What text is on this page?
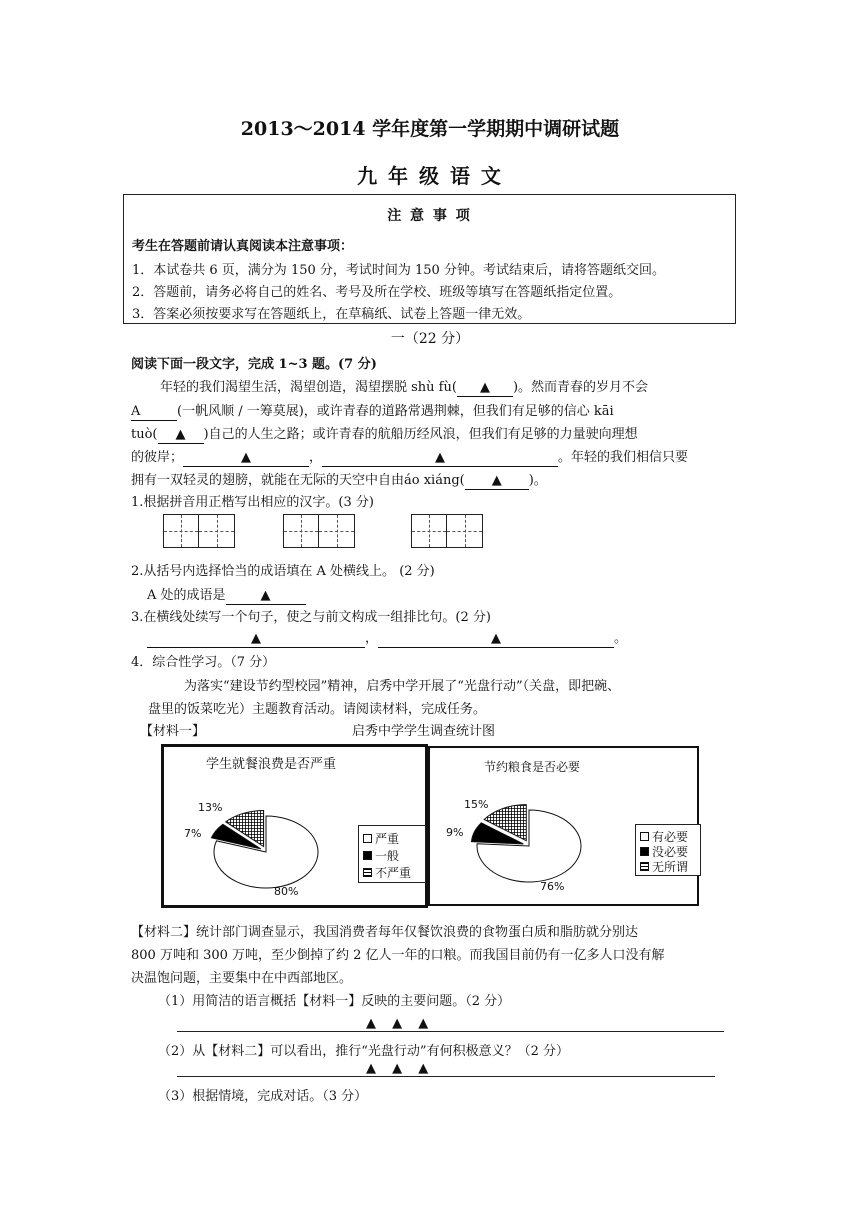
2013～2014 学年度第一学期期中调研试题
九 年 级 语 文
注 意 事 项
考生在答题前请认真阅读本注意事项：
1．本试卷共 6 页，满分为 150 分，考试时间为 150 分钟。考试结束后，请将答题纸交回。
2．答题前，请务必将自己的姓名、考号及所在学校、班级等填写在答题纸指定位置。
3．答案必须按要求写在答题纸上，在草稿纸、试卷上答题一律无效。
一（22 分）
阅读下面一段文字，完成 1~3 题。(7 分)
年轻的我们渴望生活，渴望创造，渴望摆脱 shù fù( ▲ )。然而青春的岁月不会
A	(一帆风顺 / 一筹莫展)，或许青春的道路常遇荆棘，但我们有足够的信心 kāi
tuò( ▲ )自己的人生之路；或许青春的航船历经风浪，但我们有足够的力量驶向理想
的彼岸；	▲	，	▲	。年轻的我们相信只要
拥有一双轻灵的翅膀，就能在无际的天空中自由áo xiáng( ▲ )。
1.根据拼音用正楷写出相应的汉字。(3 分)
2.从括号内选择恰当的成语填在 A 处横线上。 (2 分)
A 处的成语是	▲
3.在横线处续写一个句子，使之与前文构成一组排比句。(2 分)
▲	，	▲	。
4．综合性学习。（7 分）
为落实“建设节约型校园”精神，启秀中学开展了“光盘行动”（关盘，即把碗、
盘里的饭菜吃光）主题教育活动。请阅读材料，完成任务。
【材料一】	启秀中学学生调查统计图
学生就餐浪费是否严重
13%
7%
80%
严重
一般
不严重
节约粮食是否必要
15%
9%
76%
有必要
没必要
无所谓
【材料二】统计部门调查显示，我国消费者每年仅餐饮浪费的食物蛋白质和脂肪就分别达
800 万吨和 300 万吨，至少倒掉了约 2 亿人一年的口粮。而我国目前仍有一亿多人口没有解
决温饱问题，主要集中在中西部地区。
（1）用简洁的语言概括【材料一】反映的主要问题。（2 分）
▲ ▲ ▲
（2）从【材料二】可以看出，推行“光盘行动”有何积极意义？（2 分）
▲ ▲ ▲
（3）根据情境，完成对话。（3 分）
